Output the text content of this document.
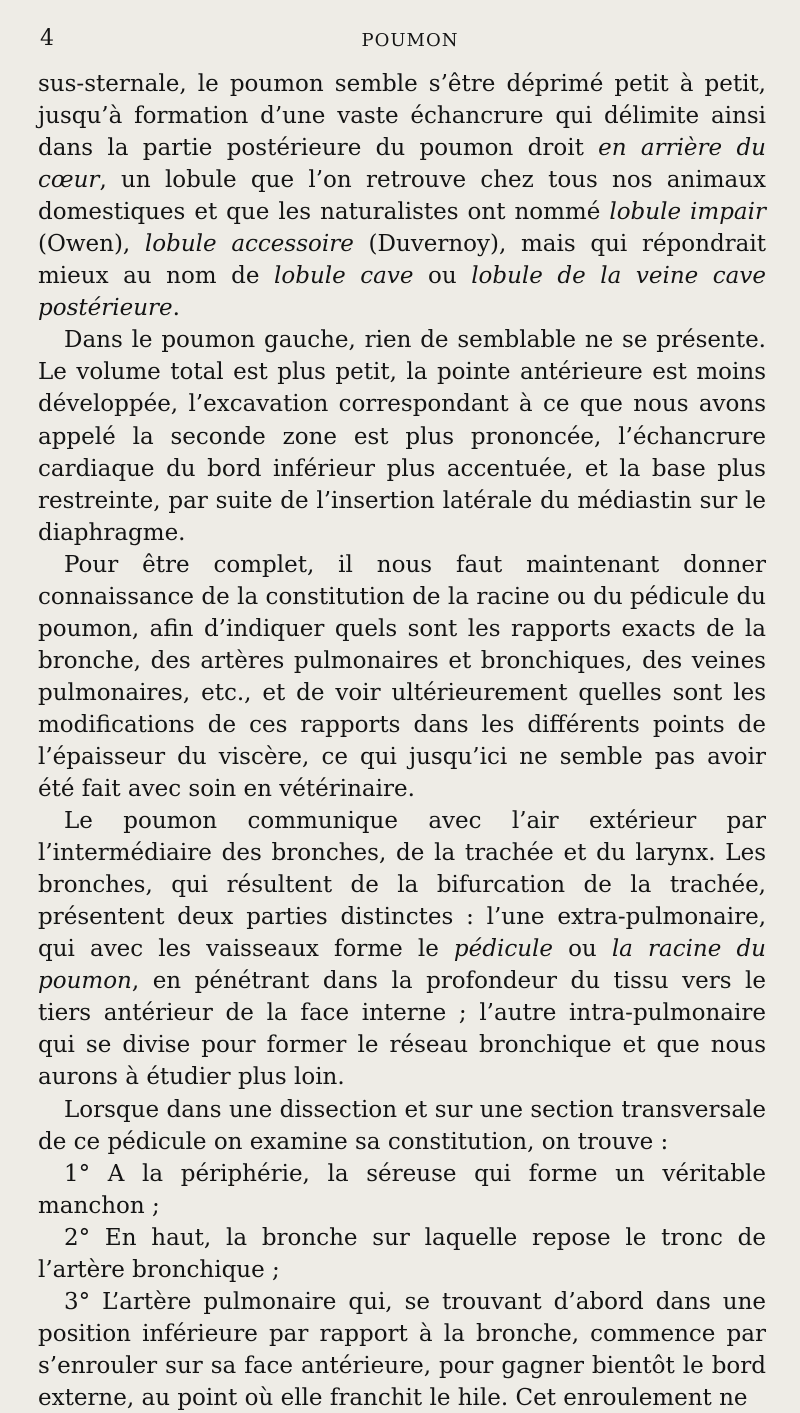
4	POUMON

sus-sternale, le poumon semble s’être déprimé petit à petit, jusqu’à formation d’une vaste échancrure qui délimite ainsi dans la partie postérieure du poumon droit en arrière du cœur, un lobule que l’on retrouve chez tous nos animaux domestiques et que les naturalistes ont nommé lobule impair (Owen), lobule accessoire (Duvernoy), mais qui répondrait mieux au nom de lobule cave ou lobule de la veine cave postérieure.

Dans le poumon gauche, rien de semblable ne se présente. Le volume total est plus petit, la pointe antérieure est moins développée, l’excavation correspondant à ce que nous avons appelé la seconde zone est plus prononcée, l’échancrure cardiaque du bord inférieur plus accentuée, et la base plus restreinte, par suite de l’insertion latérale du médiastin sur le diaphragme.

Pour être complet, il nous faut maintenant donner connaissance de la constitution de la racine ou du pédicule du poumon, afin d’indiquer quels sont les rapports exacts de la bronche, des artères pulmonaires et bronchiques, des veines pulmonaires, etc., et de voir ultérieurement quelles sont les modifications de ces rapports dans les différents points de l’épaisseur du viscère, ce qui jusqu’ici ne semble pas avoir été fait avec soin en vétérinaire.

Le poumon communique avec l’air extérieur par l’intermédiaire des bronches, de la trachée et du larynx. Les bronches, qui résultent de la bifurcation de la trachée, présentent deux parties distinctes : l’une extra-pulmonaire, qui avec les vaisseaux forme le pédicule ou la racine du poumon, en pénétrant dans la profondeur du tissu vers le tiers antérieur de la face interne ; l’autre intra-pulmonaire qui se divise pour former le réseau bronchique et que nous aurons à étudier plus loin.

Lorsque dans une dissection et sur une section transversale de ce pédicule on examine sa constitution, on trouve :

1° A la périphérie, la séreuse qui forme un véritable manchon ;

2° En haut, la bronche sur laquelle repose le tronc de l’artère bronchique ;

3° L’artère pulmonaire qui, se trouvant d’abord dans une position inférieure par rapport à la bronche, commence par s’enrouler sur sa face antérieure, pour gagner bientôt le bord externe, au point où elle franchit le hile. Cet enroulement ne
